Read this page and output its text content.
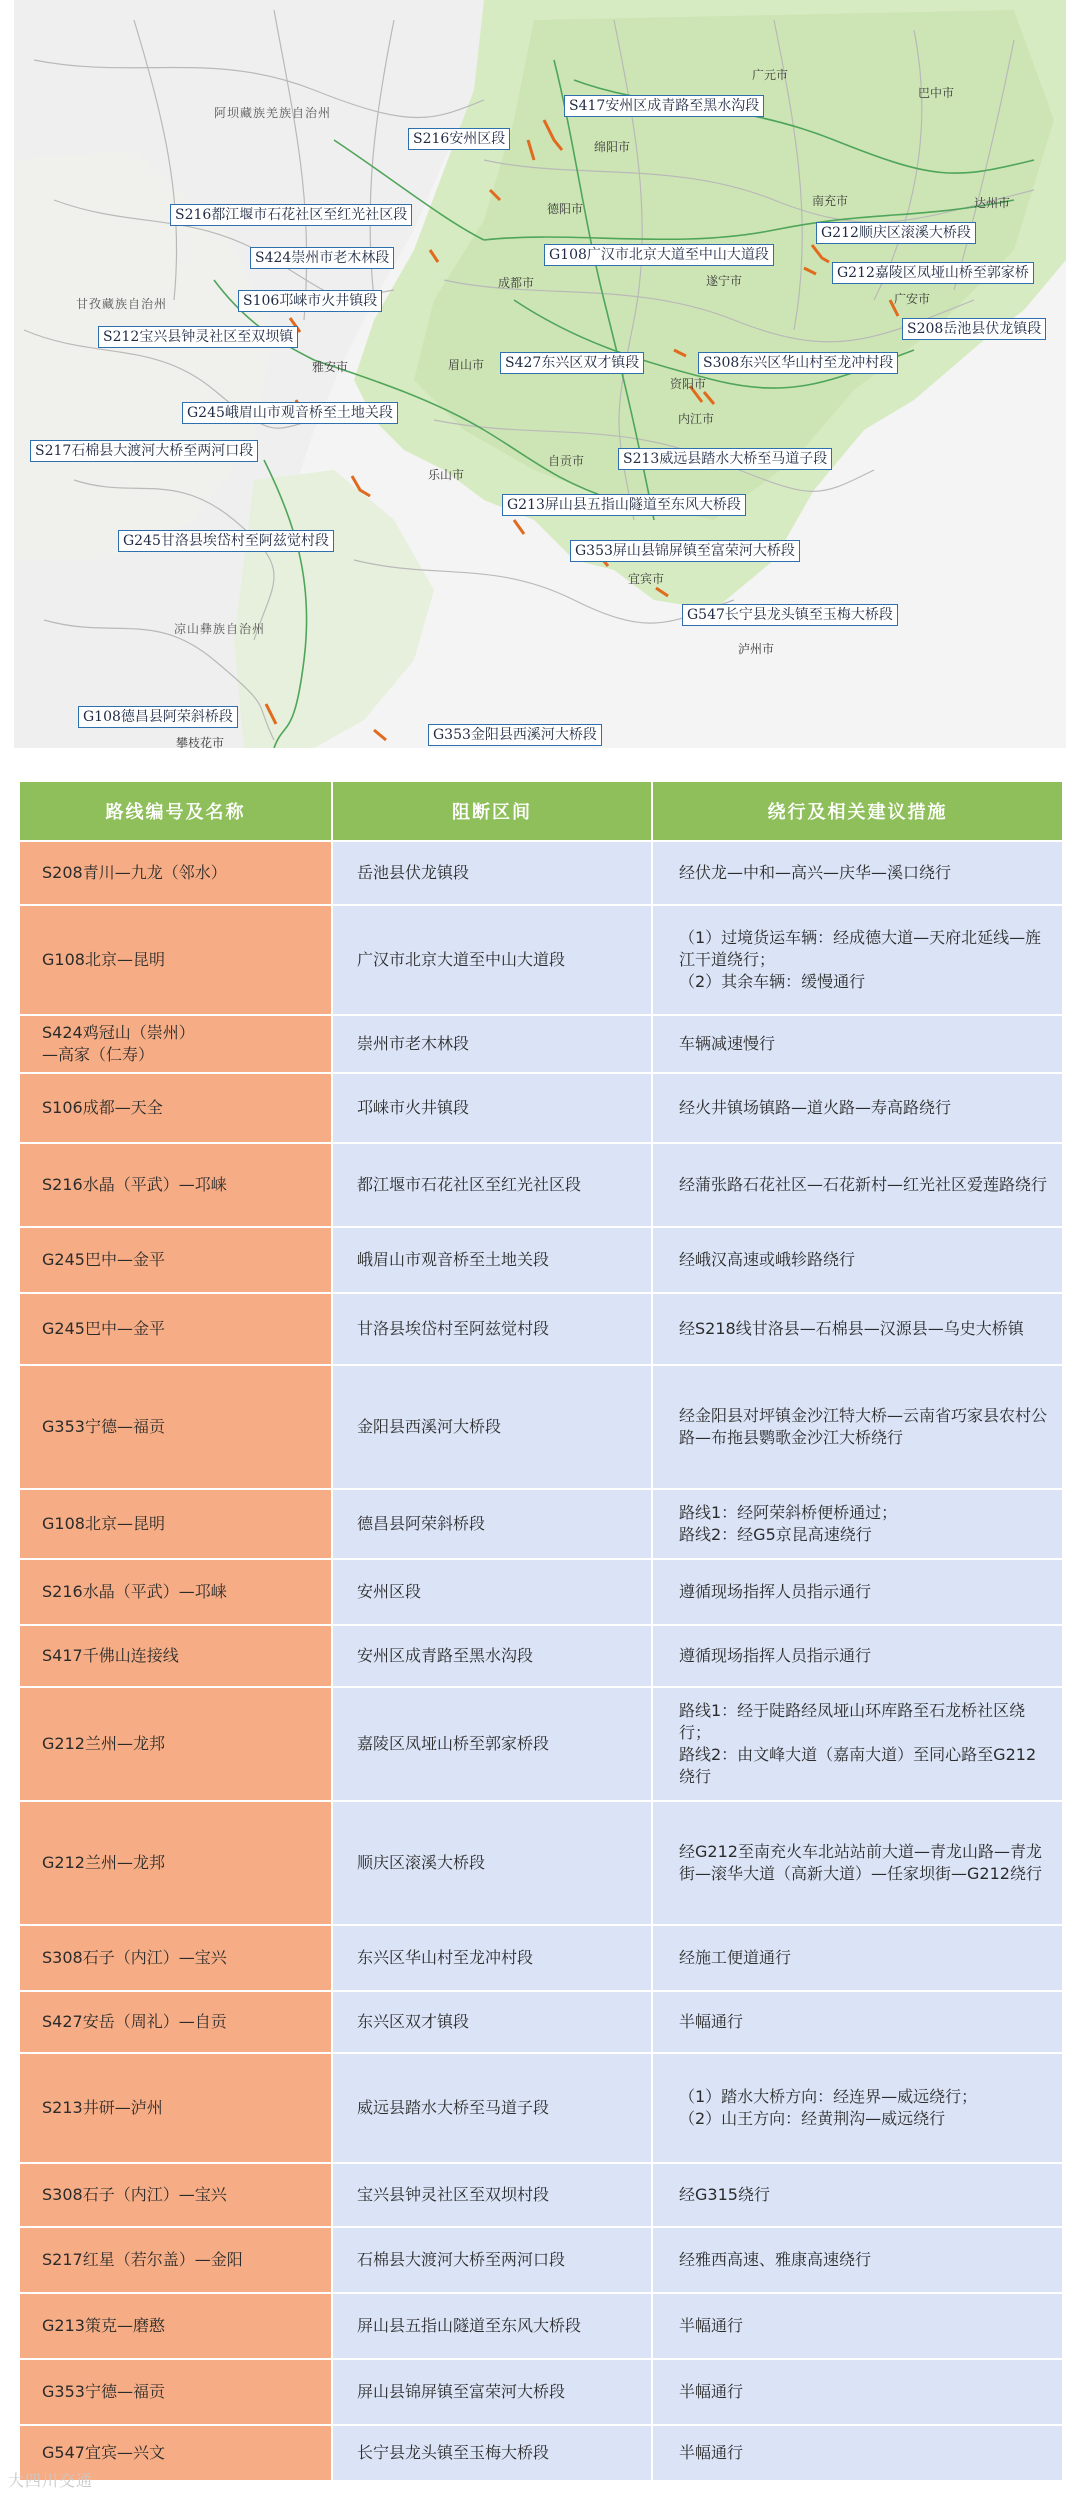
阿坝藏族羌族自治州
甘孜藏族自治州
凉山彝族自治州
广元市
巴中市
绵阳市
德阳市
南充市	达州市
成都市	遂宁市
广安市
雅安市
资阳市
眉山市
内江市
乐山市
自贡市
宜宾市
泸州市
攀枝花市
S417安州区成青路至黑水沟段
S216安州区段
S216都江堰市石花社区至红光社区段
G108广汉市北京大道至中山大道段
G212顺庆区滚溪大桥段
S424崇州市老木林段
G212嘉陵区凤垭山桥至郭家桥
S106邛崃市火井镇段
S208岳池县伏龙镇段
S212宝兴县钟灵社区至双坝镇
S427东兴区双才镇段	S308东兴区华山村至龙冲村段
G245峨眉山市观音桥至土地关段
S217石棉县大渡河大桥至两河口段	S213威远县踏水大桥至马道子段
G213屏山县五指山隧道至东风大桥段
G245甘洛县埃岱村至阿兹觉村段
G353屏山县锦屏镇至富荣河大桥段
G547长宁县龙头镇至玉梅大桥段
G108德昌县阿荣斜桥段
G353金阳县西溪河大桥段
路线编号及名称	阻断区间	绕行及相关建议措施
S208青川—九龙（邻水）	岳池县伏龙镇段	经伏龙—中和—高兴—庆华—溪口绕行
G108北京—昆明	广汉市北京大道至中山大道段	（1）过境货运车辆：经成德大道—天府北延线—旌江干道绕行；
（2）其余车辆：缓慢通行
S424鸡冠山（崇州）
—高家（仁寿）	崇州市老木林段	车辆减速慢行
S106成都—天全	邛崃市火井镇段	经火井镇场镇路—道火路—寿高路绕行
S216水晶（平武）—邛崃	都江堰市石花社区至红光社区段	经蒲张路石花社区—石花新村—红光社区爱莲路绕行
G245巴中—金平	峨眉山市观音桥至土地关段	经峨汉高速或峨轸路绕行
G245巴中—金平	甘洛县埃岱村至阿兹觉村段	经S218线甘洛县—石棉县—汉源县—乌史大桥镇
G353宁德—福贡	金阳县西溪河大桥段	经金阳县对坪镇金沙江特大桥—云南省巧家县农村公路—布拖县鹦歌金沙江大桥绕行
G108北京—昆明	德昌县阿荣斜桥段	路线1：经阿荣斜桥便桥通过；
路线2：经G5京昆高速绕行
S216水晶（平武）—邛崃	安州区段	遵循现场指挥人员指示通行
S417千佛山连接线	安州区成青路至黑水沟段	遵循现场指挥人员指示通行
G212兰州—龙邦	嘉陵区凤垭山桥至郭家桥段	路线1：经于陡路经凤垭山环库路至石龙桥社区绕行；
路线2：由文峰大道（嘉南大道）至同心路至G212绕行
G212兰州—龙邦	顺庆区滚溪大桥段	经G212至南充火车北站站前大道—青龙山路—青龙街—滚华大道（高新大道）—任家坝街—G212绕行
S308石子（内江）—宝兴	东兴区华山村至龙冲村段	经施工便道通行
S427安岳（周礼）—自贡	东兴区双才镇段	半幅通行
S213井研—泸州	威远县踏水大桥至马道子段	（1）踏水大桥方向：经连界—威远绕行；
（2）山王方向：经黄荆沟—威远绕行
S308石子（内江）—宝兴	宝兴县钟灵社区至双坝村段	经G315绕行
S217红星（若尔盖）—金阳	石棉县大渡河大桥至两河口段	经雅西高速、雅康高速绕行
G213策克—磨憨	屏山县五指山隧道至东风大桥段	半幅通行
G353宁德—福贡	屏山县锦屏镇至富荣河大桥段	半幅通行
G547宜宾—兴文	长宁县龙头镇至玉梅大桥段	半幅通行
大四川交通
